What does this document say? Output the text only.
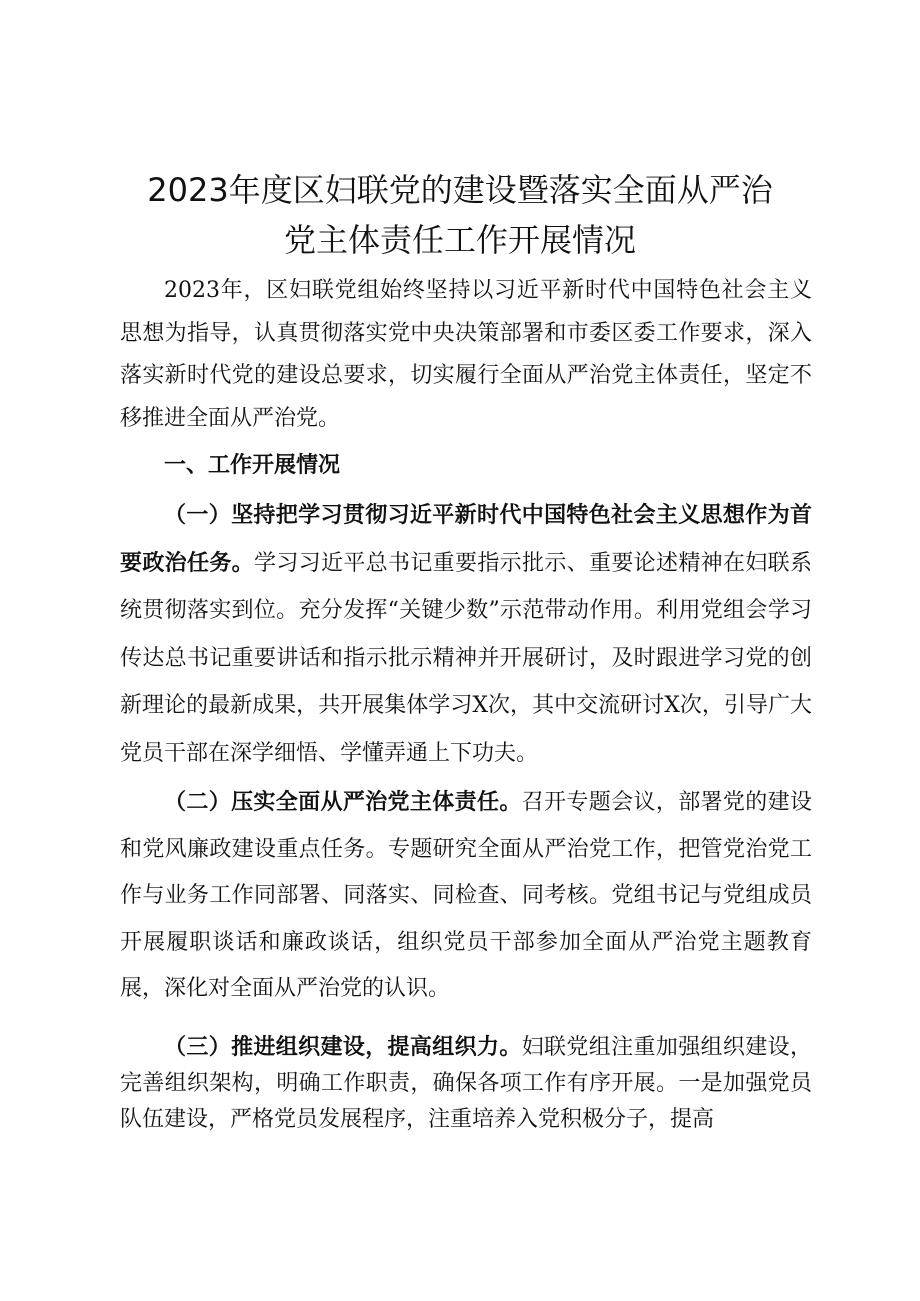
2023年度区妇联党的建设暨落实全面从严治
党主体责任工作开展情况

2023年，区妇联党组始终坚持以习近平新时代中国特色社会主义思想为指导，认真贯彻落实党中央决策部署和市委区委工作要求，深入落实新时代党的建设总要求，切实履行全面从严治党主体责任，坚定不移推进全面从严治党。

一、工作开展情况

（一）坚持把学习贯彻习近平新时代中国特色社会主义思想作为首要政治任务。学习习近平总书记重要指示批示、重要论述精神在妇联系统贯彻落实到位。充分发挥“关键少数”示范带动作用。利用党组会学习传达总书记重要讲话和指示批示精神并开展研讨，及时跟进学习党的创新理论的最新成果，共开展集体学习X次，其中交流研讨X次，引导广大党员干部在深学细悟、学懂弄通上下功夫。

（二）压实全面从严治党主体责任。召开专题会议，部署党的建设和党风廉政建设重点任务。专题研究全面从严治党工作，把管党治党工作与业务工作同部署、同落实、同检查、同考核。党组书记与党组成员开展履职谈话和廉政谈话，组织党员干部参加全面从严治党主题教育展，深化对全面从严治党的认识。

（三）推进组织建设，提高组织力。妇联党组注重加强组织建设，完善组织架构，明确工作职责，确保各项工作有序开展。一是加强党员队伍建设，严格党员发展程序，注重培养入党积极分子，提高
